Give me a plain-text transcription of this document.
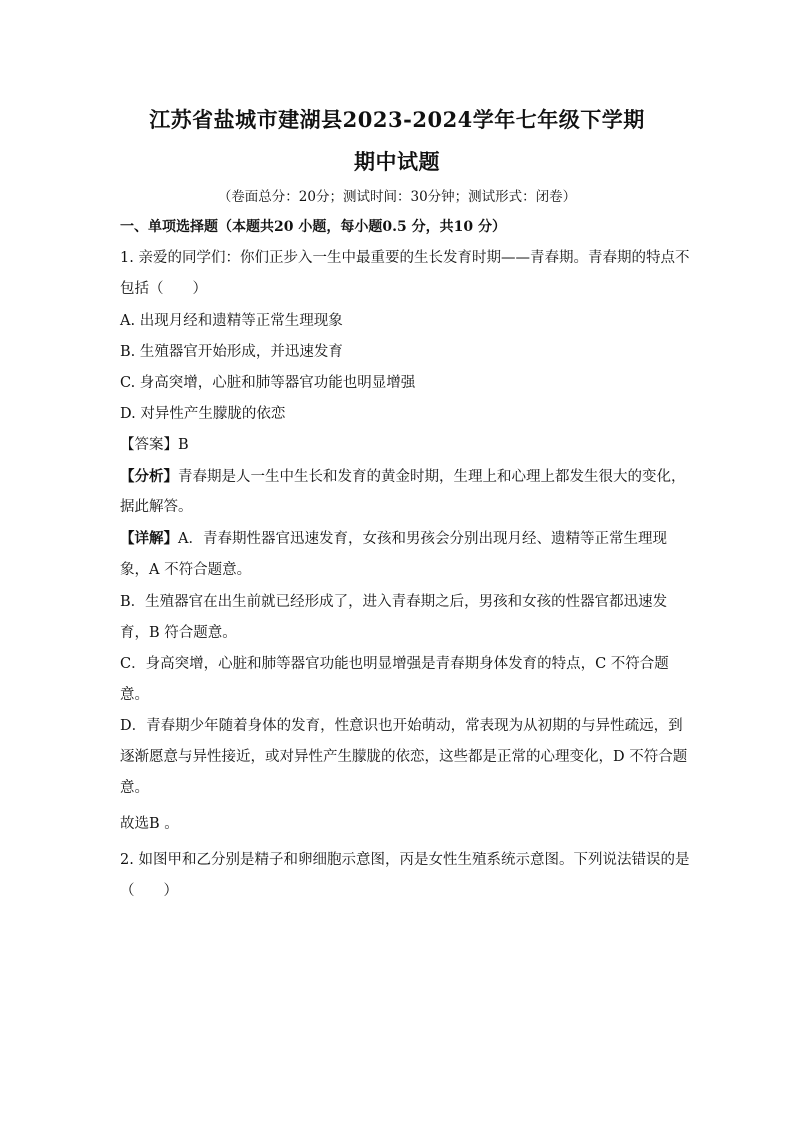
江苏省盐城市建湖县2023-2024学年七年级下学期
期中试题
（卷面总分：20分；测试时间：30分钟；测试形式：闭卷）
一、单项选择题（本题共20 小题，每小题0.5 分，共10 分）
1. 亲爱的同学们：你们正步入一生中最重要的生长发育时期——青春期。青春期的特点不
包括（　　）
A. 出现月经和遗精等正常生理现象
B. 生殖器官开始形成，并迅速发育
C. 身高突增，心脏和肺等器官功能也明显增强
D. 对异性产生朦胧的依恋
【答案】B
【分析】青春期是人一生中生长和发育的黄金时期，生理上和心理上都发生很大的变化，
据此解答。
【详解】A．青春期性器官迅速发育，女孩和男孩会分别出现月经、遗精等正常生理现
象，A 不符合题意。
B．生殖器官在出生前就已经形成了，进入青春期之后，男孩和女孩的性器官都迅速发
育，B 符合题意。
C．身高突增，心脏和肺等器官功能也明显增强是青春期身体发育的特点，C 不符合题
意。
D．青春期少年随着身体的发育，性意识也开始萌动，常表现为从初期的与异性疏远，到
逐渐愿意与异性接近，或对异性产生朦胧的依恋，这些都是正常的心理变化，D 不符合题
意。
故选B 。
2. 如图甲和乙分别是精子和卵细胞示意图，丙是女性生殖系统示意图。下列说法错误的是
（　　）
